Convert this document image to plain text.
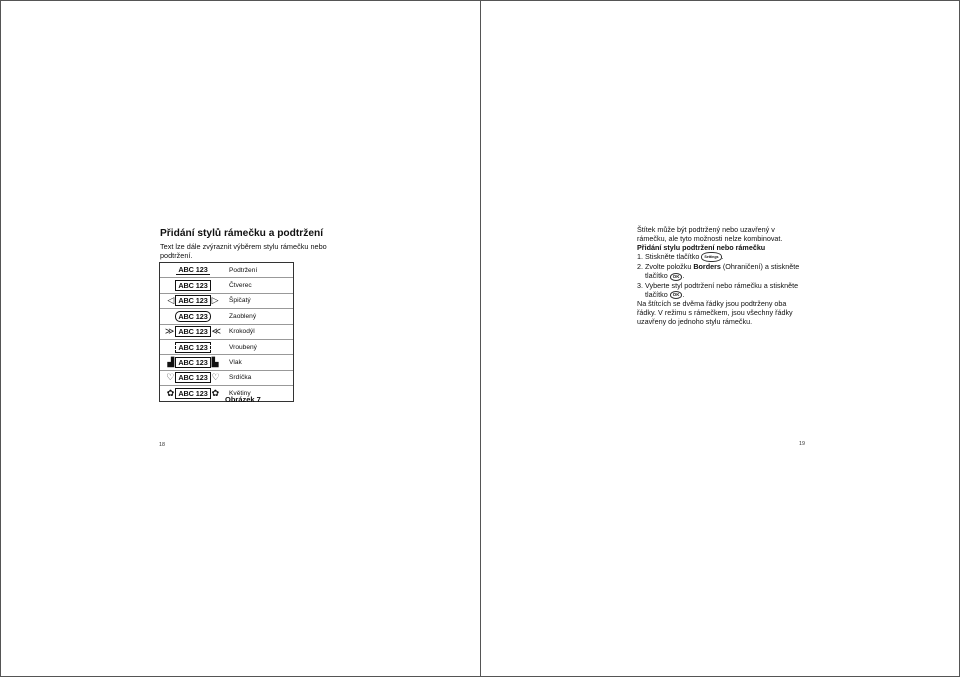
Přidání stylů rámečku a podtržení

Text lze dále zvýraznit výběrem stylu rámečku nebo podtržení.

ABC 123	Podtržení
ABC 123	Čtverec
◁ ABC 123 ▷	Špičatý
ABC 123	Zaoblený
≫ ABC 123 ≪	Krokodýl
ABC 123	Vroubený
▟ ABC 123 ▙	Vlak
♡ ABC 123 ♡	Srdíčka
✿ ABC 123 ✿	Květiny
Obrázek 7
18

Štítek může být podtržený nebo uzavřený v rámečku, ale tyto možnosti nelze kombinovat.

Přidání stylu podtržení nebo rámečku

1. Stiskněte tlačítko Settings .
2. Zvolte položku Borders (Ohraničení) a stiskněte tlačítko OK .
3. Vyberte styl podtržení nebo rámečku a stiskněte tlačítko OK .

Na štítcích se dvěma řádky jsou podtrženy oba řádky. V režimu s rámečkem, jsou všechny řádky uzavřeny do jednoho stylu rámečku.

19
